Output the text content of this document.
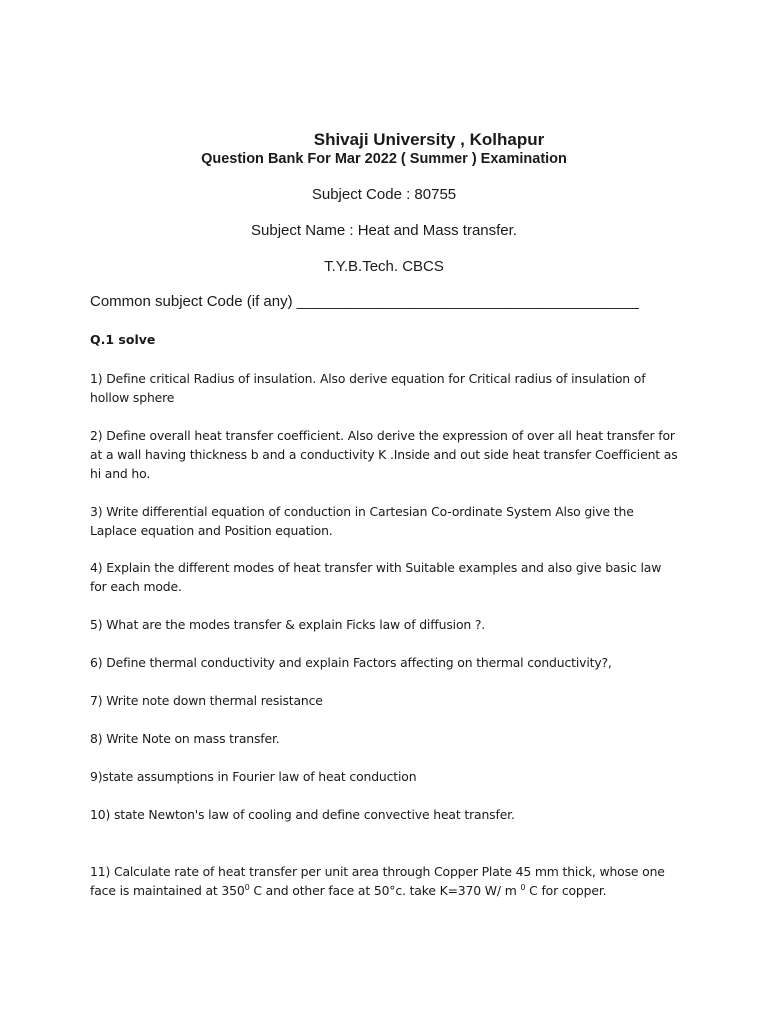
Shivaji University , Kolhapur
Question Bank For Mar 2022 ( Summer ) Examination
Subject Code : 80755
Subject Name : Heat and Mass transfer.
T.Y.B.Tech. CBCS
Common subject Code (if any) _________________________________________
Q.1 solve
1) Define critical Radius of insulation. Also derive equation for Critical radius of insulation of hollow sphere
2) Define overall heat transfer coefficient. Also derive the expression of over all heat transfer for at a wall having thickness b and a conductivity K .Inside and out side heat transfer Coefficient as hi and ho.
3) Write differential equation of conduction in Cartesian Co-ordinate System Also give the Laplace equation and Position equation.
4) Explain the different modes of heat transfer with Suitable examples and also give basic law for each mode.
5) What are the modes transfer & explain Ficks law of diffusion ?.
6) Define thermal conductivity and explain Factors affecting on thermal conductivity?,
7) Write note down thermal resistance
8) Write Note on mass transfer.
9)state assumptions in Fourier law of heat conduction
10) state Newton's law of cooling and define convective heat transfer.
11) Calculate rate of heat transfer per unit area through Copper Plate 45 mm thick, whose one face is maintained at $350^0$ C and other face at 50°c. take K=370 W/ m $^0$ C for copper.
